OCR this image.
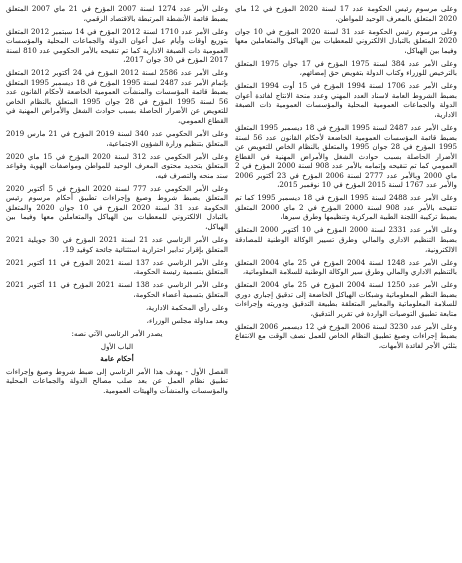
وعلى مرسوم رئيس الحكومة عدد 17 لسنة 2020 المؤرخ في 12 ماي 2020 المتعلق بالمعرف الوحيد للمواطن،

وعلى مرسوم رئيس الحكومة عدد 31 لسنة 2020 المؤرخ في 10 جوان 2020 المتعلق بالتبادل الالكتروني للمعطيات بين الهياكل والمتعاملين معها وفيما بين الهياكل،

وعلى الأمر عدد 384 لسنة 1975 المؤرخ في 17 جوان 1975 المتعلق بالترخيص للوزراء وكتاب الدولة بتفويض حق إمضائهم،

وعلى الأمر عدد 1706 لسنة 1994 المؤرخ في 15 أوت 1994 المتعلق بضبط الشروط العامة لاسناد العدد المهني وعدد منحة الانتاج لفائدة أعوان الدولة والجماعات العمومية المحلية والمؤسسات العمومية ذات الصبغة الادارية،

وعلى الأمر عدد 2487 لسنة 1995 المؤرخ في 18 ديسمبر 1995 المتعلق بضبط قائمة المؤسسات العمومية الخاضعة لأحكام القانون عدد 56 لسنة 1995 المؤرخ في 28 جوان 1995 والمتعلق بالنظام الخاص للتعويض عن الأضرار الحاصلة بسبب حوادث الشغل والأمراض المهنية في القطاع العمومي كما تم تنقيحه وإتمامه بالأمر عدد 908 لسنة 2000 المؤرخ في 2 ماي 2000 وبالأمر عدد 2777 لسنة 2006 المؤرخ في 23 أكتوبر 2006 والأمر عدد 1767 لسنة 2015 المؤرخ في 10 نوفمبر 2015،

وعلى الأمر عدد 2488 لسنة 1995 المؤرخ في 18 ديسمبر 1995 كما تم تنقيحه بالأمر عدد 908 لسنة 2000 المؤرخ في 2 ماي 2000 المتعلق بضبط تركيبة اللجنة الطبية المركزية وتنظيمها وطرق سيرها،

وعلى الأمر عدد 2331 لسنة 2000 المؤرخ في 10 أكتوبر 2000 المتعلق بضبط التنظيم الاداري والمالي وطرق تسيير الوكالة الوطنية للمصادقة الالكترونية،

وعلى الأمر عدد 1248 لسنة 2004 المؤرخ في 25 ماي 2004 المتعلق بالتنظيم الاداري والمالي وطرق سير الوكالة الوطنية للسلامة المعلوماتية،

وعلى الأمر عدد 1250 لسنة 2004 المؤرخ في 25 ماي 2004 المتعلق بضبط النظم المعلوماتية وشبكات الهياكل الخاضعة إلى تدقيق إجباري دوري للسلامة المعلوماتية والمعايير المتعلقة بطبيعة التدقيق ودوريته وإجراءات متابعة تطبيق التوصيات الواردة في تقرير التدقيق،

وعلى الأمر عدد 3230 لسنة 2006 المؤرخ في 12 ديسمبر 2006 المتعلق بضبط إجراءات وصيغ تطبيق النظام الخاص للعمل نصف الوقت مع الانتفاع بثلثي الأجر لفائدة الأمهات،

وعلى الأمر عدد 1274 لسنة 2007 المؤرخ في 21 ماي 2007 المتعلق بضبط قائمة الأنشطة المرتبطة بالاقتصاد الرقمي،

وعلى الأمر عدد 1710 لسنة 2012 المؤرخ في 14 سبتمبر 2012 المتعلق بتوزيع أوقات وأيام عمل أعوان الدولة والجماعات المحلية والمؤسسات العمومية ذات الصبغة الادارية كما تم تنقيحه بالأمر الحكومي عدد 810 لسنة 2017 المؤرخ في 30 جوان 2017،

وعلى الأمر عدد 2586 لسنة 2012 المؤرخ في 24 أكتوبر 2012 المتعلق بإتمام الأمر عدد 2487 لسنة 1995 المؤرخ في 18 ديسمبر 1995 المتعلق بضبط قائمة المؤسسات والمنشآت العمومية الخاضعة لأحكام القانون عدد 56 لسنة 1995 المؤرخ في 28 جوان 1995 المتعلق بالنظام الخاص للتعويض عن الأضرار الحاصلة بسبب حوادث الشغل والأمراض المهنية في القطاع العمومي،

وعلى الأمر الحكومي عدد 340 لسنة 2019 المؤرخ في 21 مارس 2019 المتعلق بتنظيم وزارة الشؤون الاجتماعية،

وعلى الأمر الحكومي عدد 312 لسنة 2020 المؤرخ في 15 ماي 2020 المتعلق بتحديد محتوى المعرف الوحيد للمواطن ومواصفات الهوية وقواعد سند منحه والتصرف فيه،

وعلى الأمر الحكومي عدد 777 لسنة 2020 المؤرخ في 5 أكتوبر 2020 المتعلق بضبط شروط وصيغ وإجراءات تطبيق أحكام مرسوم رئيس الحكومة عدد 31 لسنة 2020 المؤرخ في 10 جوان 2020 والمتعلق بالتبادل الالكتروني للمعطيات بين الهياكل والمتعاملين معها وفيما بين الهياكل،

وعلى الأمر الرئاسي عدد 21 لسنة 2021 المؤرخ في 30 جويلية 2021 المتعلق بإقرار تدابير احترازية استثنائية جائحة كوفيد 19،

وعلى الأمر الرئاسي عدد 137 لسنة 2021 المؤرخ في 11 أكتوبر 2021 المتعلق بتسمية رئيسة الحكومة،

وعلى الأمر الرئاسي عدد 138 لسنة 2021 المؤرخ في 11 أكتوبر 2021 المتعلق بتسمية أعضاء الحكومة،

وعلى رأي المحكمة الادارية،

وبعد مداولة مجلس الوزراء،

يصدر الأمر الرئاسي الآتي نصه:

الباب الأول

أحكام عامة

الفصل الأول - يهدف هذا الأمر الرئاسي إلى ضبط شروط وصيغ وإجراءات تطبيق نظام العمل عن بعد صلب مصالح الدولة والجماعات المحلية والمؤسسات والمنشآت والهيئات العمومية.
